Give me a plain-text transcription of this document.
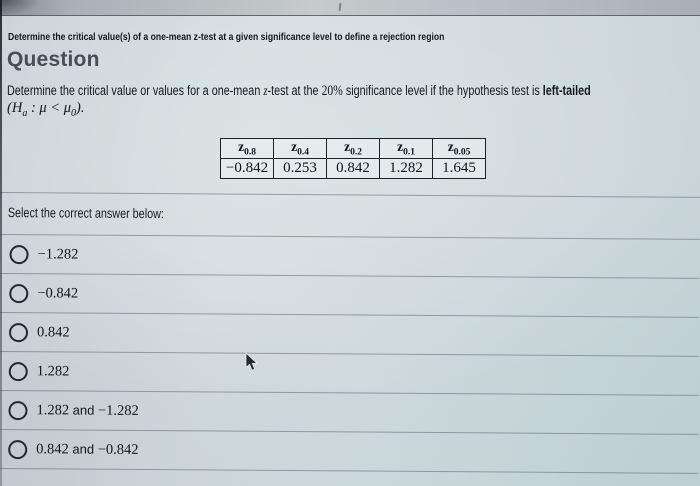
Determine the critical value(s) of a one-mean z-test at a given significance level to define a rejection region
Question
Determine the critical value or values for a one-mean z-test at the 20% significance level if the hypothesis test is left-tailed
($H_a$ : $\mu < \mu_0$).
$z_{0.8}$	$z_{0.4}$	$z_{0.2}$	$z_{0.1}$	$z_{0.05}$
−0.842	0.253	0.842	1.282	1.645
Select the correct answer below:
−1.282
−0.842
0.842
1.282
1.282 and −1.282
0.842 and −0.842
